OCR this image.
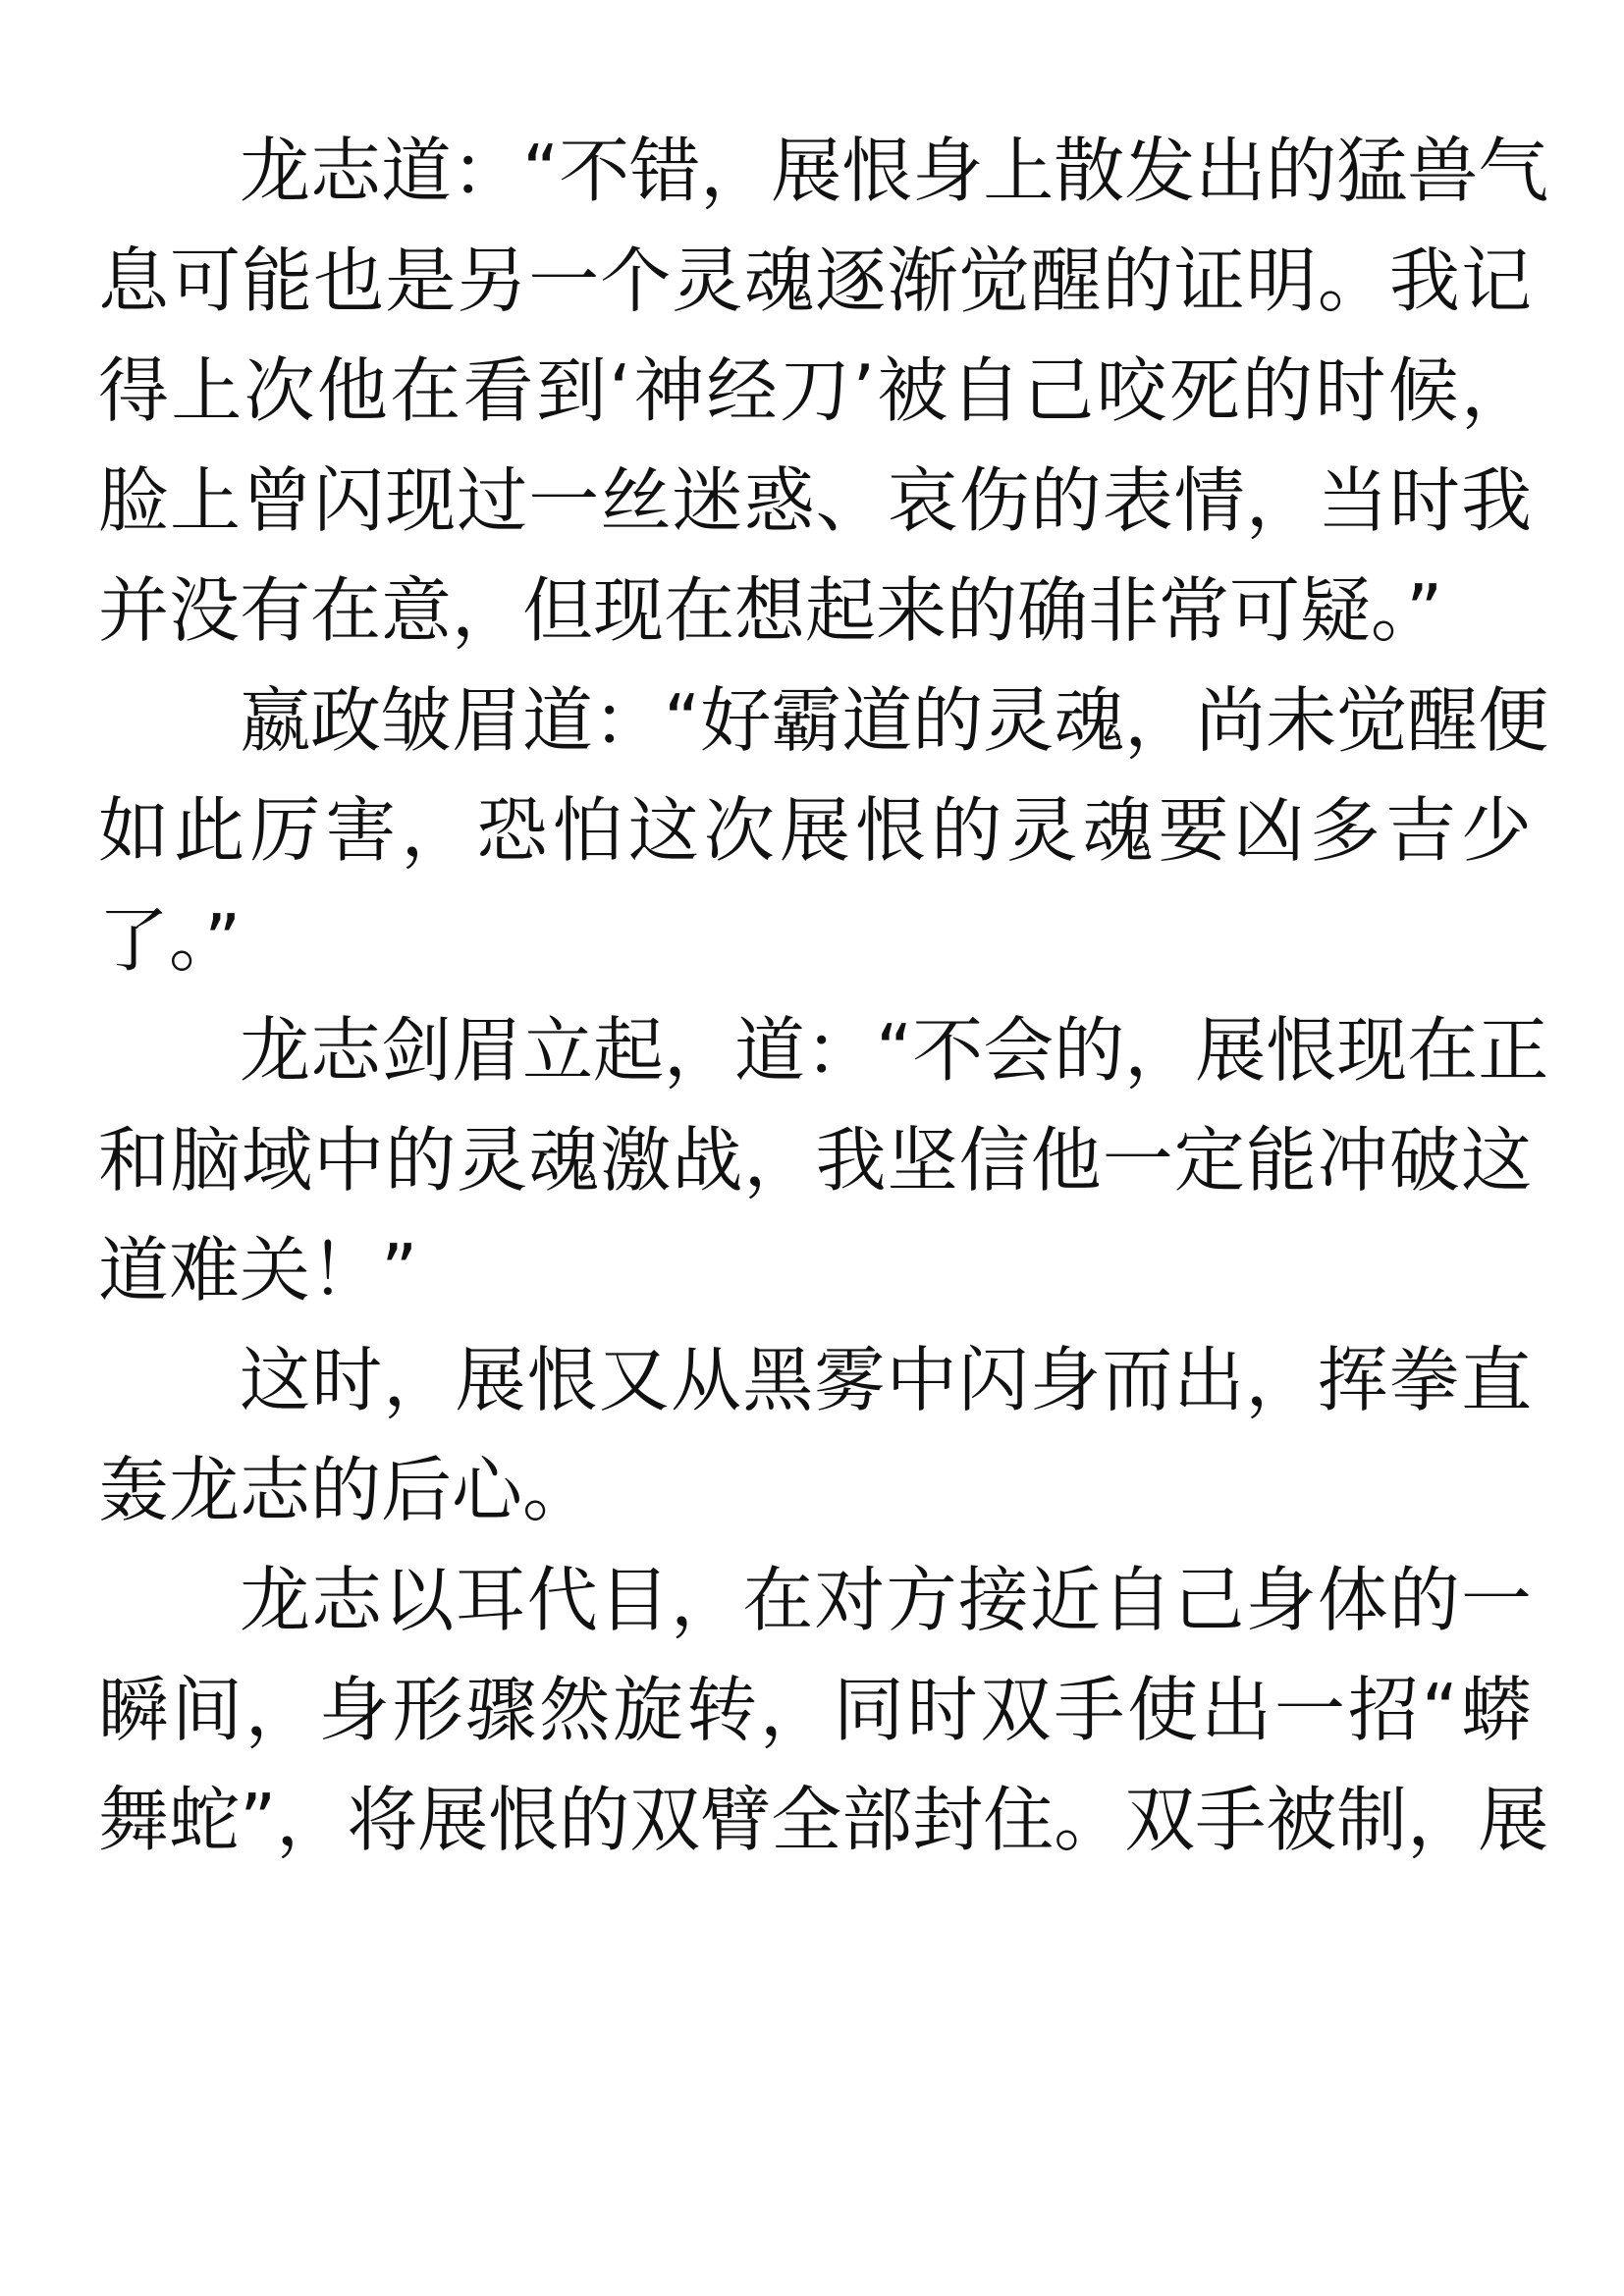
龙志道：“不错，展恨身上散发出的猛兽气
息可能也是另一个灵魂逐渐觉醒的证明。我记
得上次他在看到‘神经刀’被自己咬死的时候，
脸上曾闪现过一丝迷惑、哀伤的表情，当时我
并没有在意，但现在想起来的确非常可疑。”
嬴政皱眉道：“好霸道的灵魂，尚未觉醒便
如此厉害，恐怕这次展恨的灵魂要凶多吉少
了。”
龙志剑眉立起，道：“不会的，展恨现在正
和脑域中的灵魂激战，我坚信他一定能冲破这
道难关！”
这时，展恨又从黑雾中闪身而出，挥拳直
轰龙志的后心。
龙志以耳代目，在对方接近自己身体的一
瞬间，身形骤然旋转，同时双手使出一招“蟒
舞蛇”，将展恨的双臂全部封住。双手被制，展
